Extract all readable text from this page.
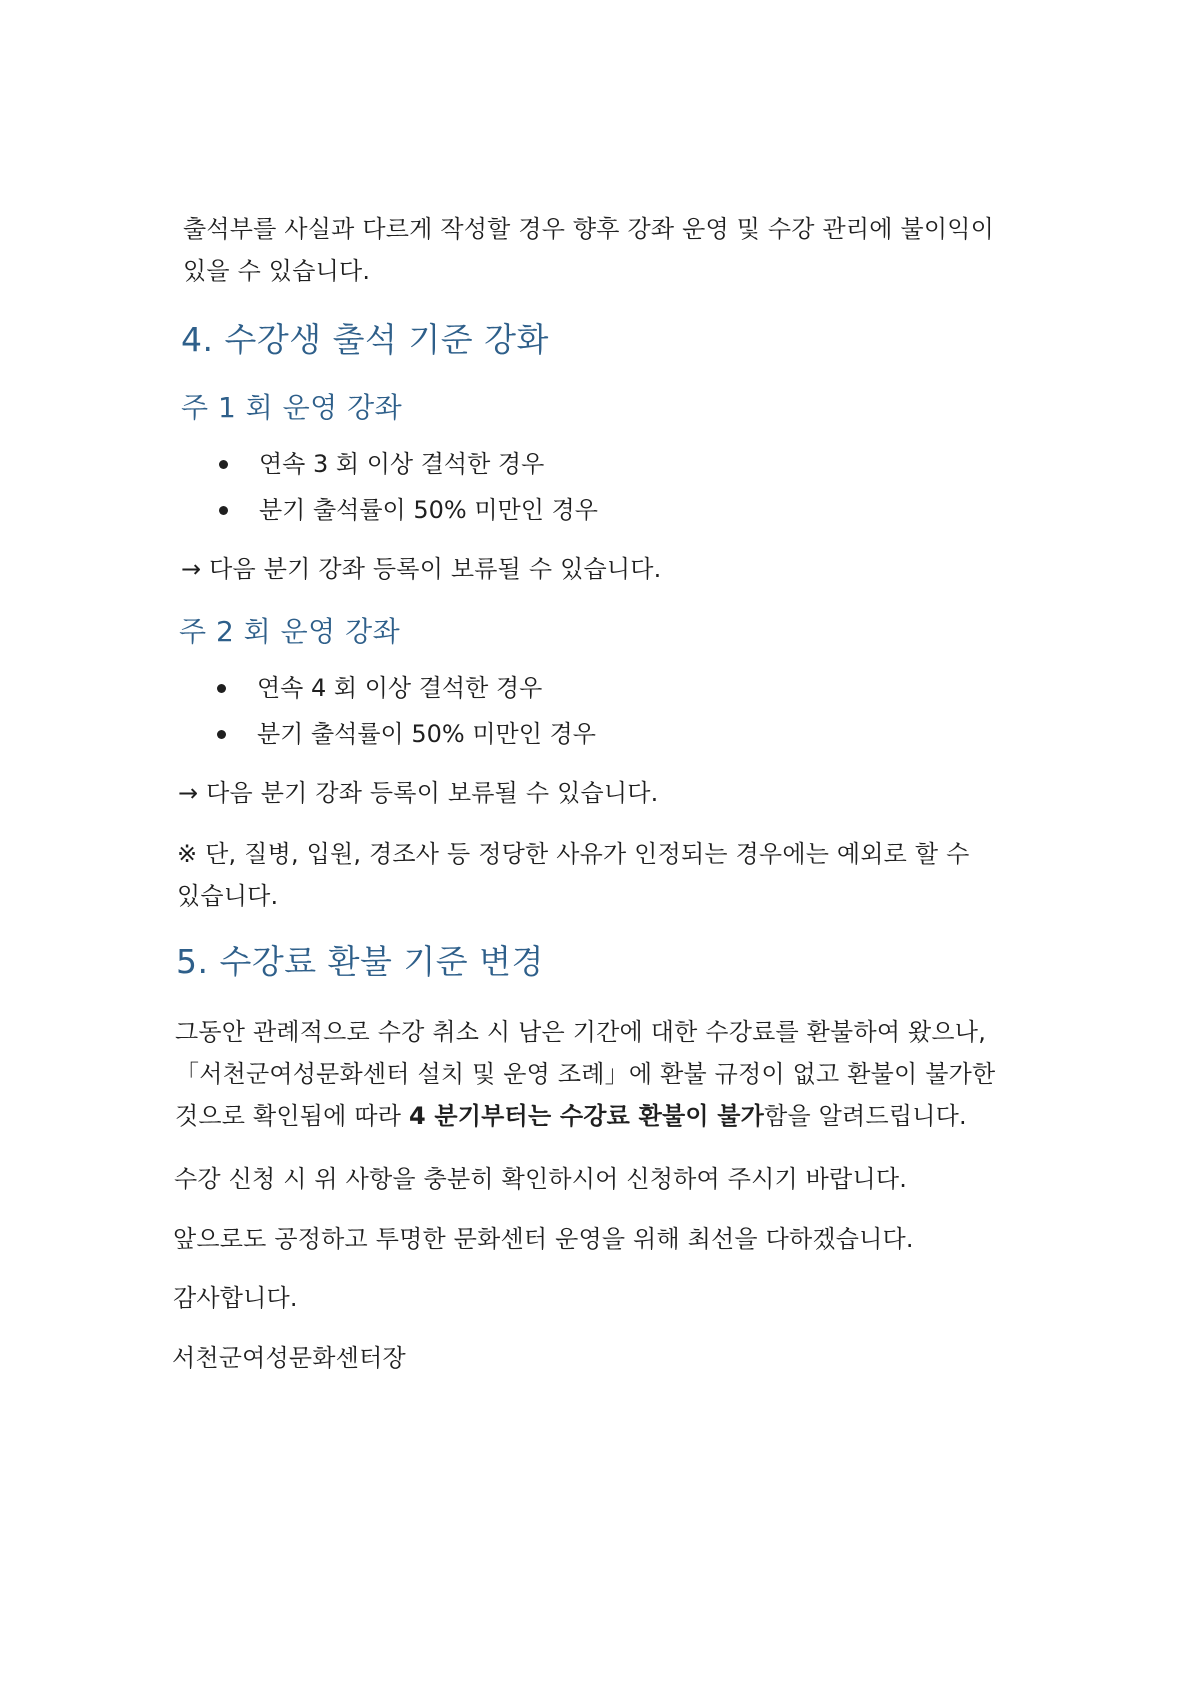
출석부를 사실과 다르게 작성할 경우 향후 강좌 운영 및 수강 관리에 불이익이
있을 수 있습니다.
4. 수강생 출석 기준 강화
주 1 회 운영 강좌
연속 3 회 이상 결석한 경우
분기 출석률이 50% 미만인 경우
→ 다음 분기 강좌 등록이 보류될 수 있습니다.
주 2 회 운영 강좌
연속 4 회 이상 결석한 경우
분기 출석률이 50% 미만인 경우
→ 다음 분기 강좌 등록이 보류될 수 있습니다.
※ 단, 질병, 입원, 경조사 등 정당한 사유가 인정되는 경우에는 예외로 할 수
있습니다.
5. 수강료 환불 기준 변경
그동안 관례적으로 수강 취소 시 남은 기간에 대한 수강료를 환불하여 왔으나,
「서천군여성문화센터 설치 및 운영 조례」에 환불 규정이 없고 환불이 불가한
것으로 확인됨에 따라 4 분기부터는 수강료 환불이 불가함을 알려드립니다.
수강 신청 시 위 사항을 충분히 확인하시어 신청하여 주시기 바랍니다.
앞으로도 공정하고 투명한 문화센터 운영을 위해 최선을 다하겠습니다.
감사합니다.
서천군여성문화센터장
